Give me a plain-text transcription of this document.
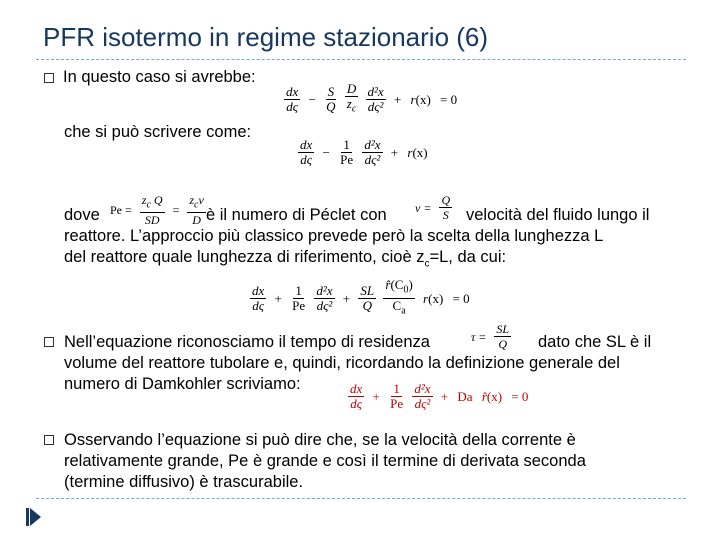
PFR isotermo in regime stazionario (6)
In questo caso si avrebbe:
$\frac{dx}{d\varsigma} - \frac{S}{Q}$
$\frac{D}{z_c}$
$\frac{\text{d²x}}{\text{dς²}} + r(x) = 0$
che si può scrivere come:
$\frac{dx}{d\varsigma} - \frac{1}{Pe}$
$\frac{\text{d²x}}{\text{dς²}} + r(x)$
dove $Pe = \frac{z_c Q}{SD} = \frac{z_cv}{D}$ è il numero di Péclet con $v = \frac{Q}{S}$ velocità del fluido lungo il
reattore. L’approccio più classico prevede però la scelta della lunghezza L
del reattore quale lunghezza di riferimento, cioè $z_c=L$, da cui:
$\frac{dx}{d\varsigma} + \frac{1}{Pe}$
$\frac{\text{d²x}}{\text{dς²}} + \frac{SL}{Q}$
$\frac{r̂(C_0)}{C_a} r(x) = 0$
Nell’equazione riconosciamo il tempo di residenza	$\tau = \frac{SL}{Q}$ dato che SL è il
volume del reattore tubolare e, quindi, ricordando la definizione generale del
numero di Damkohler scriviamo:	$\frac{dx}{d\varsigma} + \frac{1}{Pe}$
$\frac{\text{d²x}}{\text{dς²}} + Da$ r̂(x) = 0
Osservando l’equazione si può dire che, se la velocità della corrente è
relativamente grande, Pe è grande e così il termine di derivata seconda
(termine diffusivo) è trascurabile.
